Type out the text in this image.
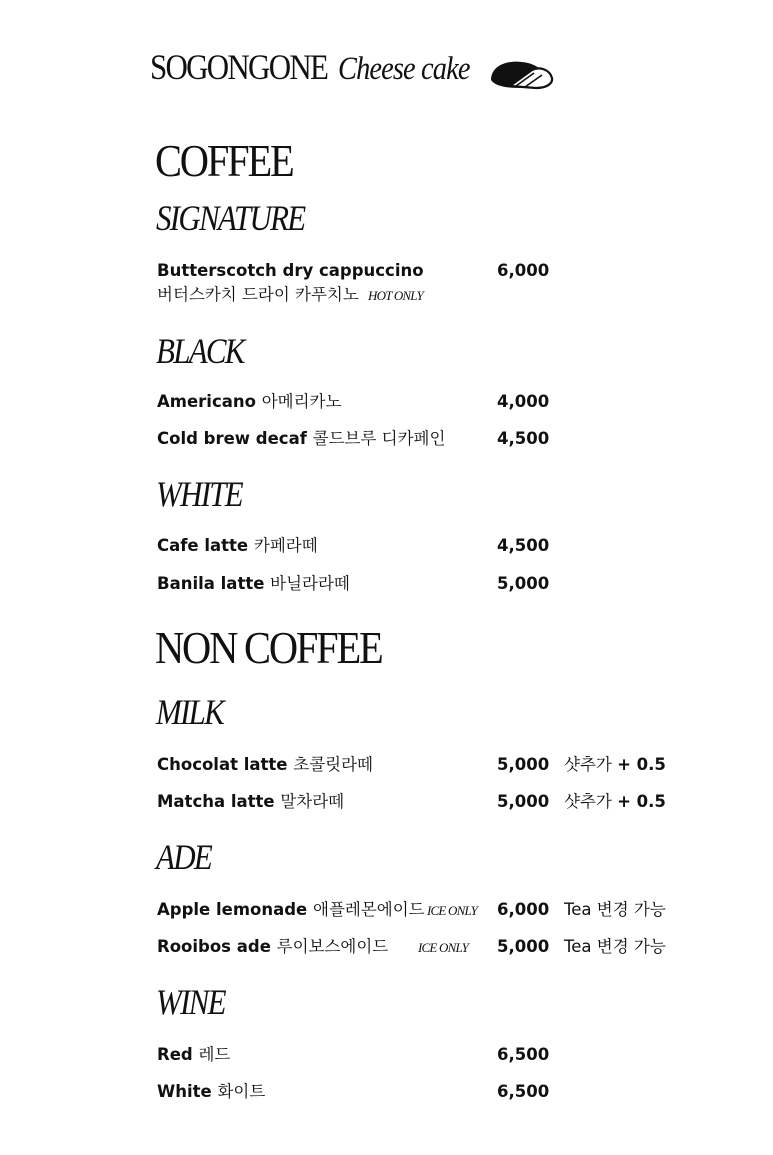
SOGONGONE Cheese cake
COFFEE
SIGNATURE
Butterscotch dry cappuccino	6,000
버터스카치 드라이 카푸치노 HOT ONLY
BLACK
Americano 아메리카노	4,000
Cold brew decaf 콜드브루 디카페인	4,500
WHITE
Cafe latte 카페라떼	4,500
Banila latte 바닐라라떼	5,000
NON COFFEE
MILK
Chocolat latte 초콜릿라떼	5,000 샷추가 + 0.5
Matcha latte 말차라떼	5,000 샷추가 + 0.5
ADE
Apple lemonade 애플레몬에이드 ICE ONLY 6,000 Tea 변경 가능
Rooibos ade 루이보스에이드 ICE ONLY 5,000 Tea 변경 가능
WINE
Red 레드	6,500
White 화이트	6,500
